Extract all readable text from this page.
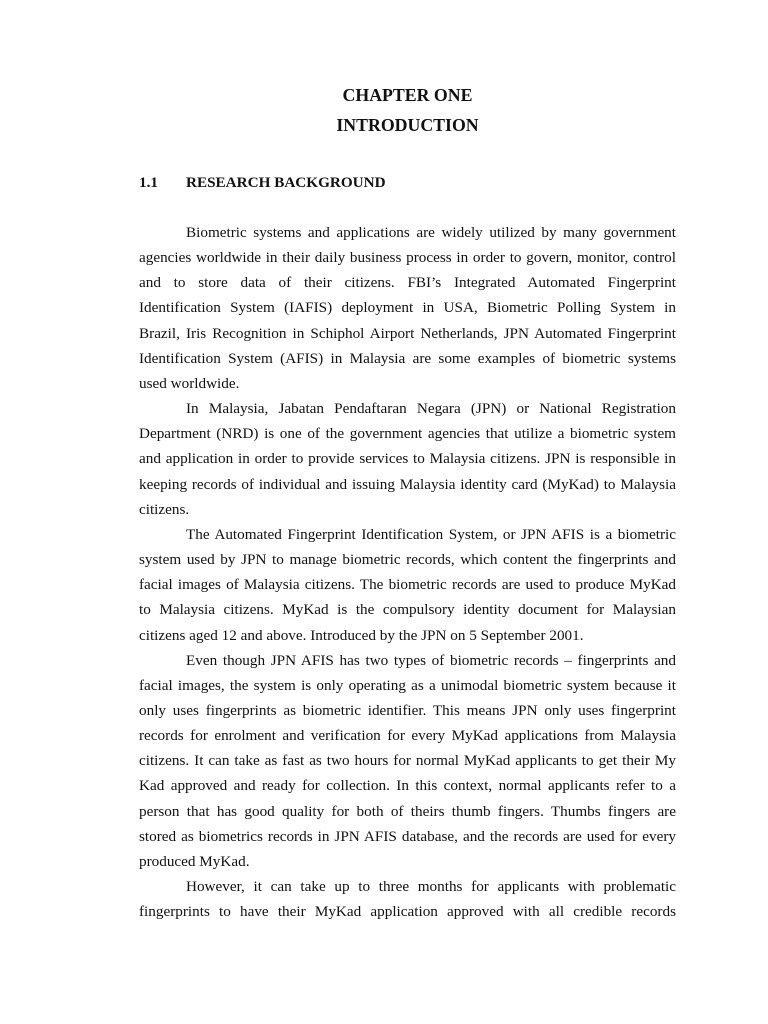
CHAPTER ONE
INTRODUCTION
1.1 RESEARCH BACKGROUND
Biometric systems and applications are widely utilized by many government
agencies worldwide in their daily business process in order to govern, monitor, control
and to store data of their citizens. FBI’s Integrated Automated Fingerprint
Identification System (IAFIS) deployment in USA, Biometric Polling System in
Brazil, Iris Recognition in Schiphol Airport Netherlands, JPN Automated Fingerprint
Identification System (AFIS) in Malaysia are some examples of biometric systems
used worldwide.
In Malaysia, Jabatan Pendaftaran Negara (JPN) or National Registration
Department (NRD) is one of the government agencies that utilize a biometric system
and application in order to provide services to Malaysia citizens. JPN is responsible in
keeping records of individual and issuing Malaysia identity card (MyKad) to Malaysia
citizens.
The Automated Fingerprint Identification System, or JPN AFIS is a biometric
system used by JPN to manage biometric records, which content the fingerprints and
facial images of Malaysia citizens. The biometric records are used to produce MyKad
to Malaysia citizens. MyKad is the compulsory identity document for Malaysian
citizens aged 12 and above. Introduced by the JPN on 5 September 2001.
Even though JPN AFIS has two types of biometric records – fingerprints and
facial images, the system is only operating as a unimodal biometric system because it
only uses fingerprints as biometric identifier. This means JPN only uses fingerprint
records for enrolment and verification for every MyKad applications from Malaysia
citizens. It can take as fast as two hours for normal MyKad applicants to get their My
Kad approved and ready for collection. In this context, normal applicants refer to a
person that has good quality for both of theirs thumb fingers. Thumbs fingers are
stored as biometrics records in JPN AFIS database, and the records are used for every
produced MyKad.
However, it can take up to three months for applicants with problematic
fingerprints to have their MyKad application approved with all credible records
